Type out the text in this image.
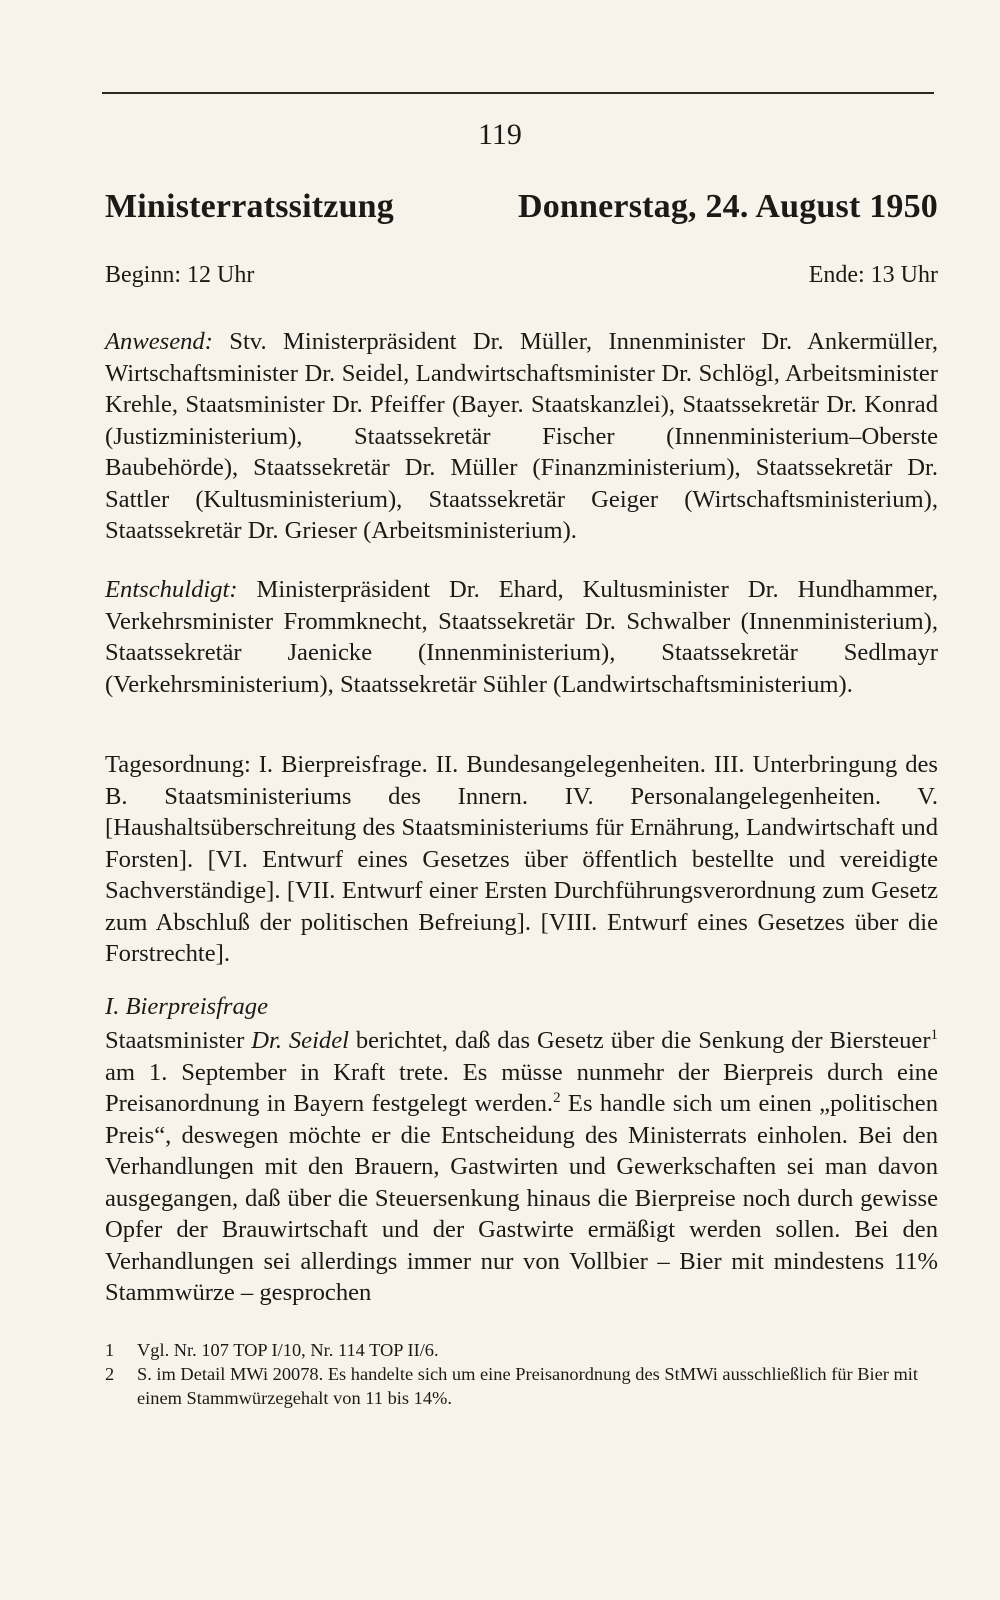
119
Ministerratssitzung	Donnerstag, 24. August 1950
Beginn: 12 Uhr	Ende: 13 Uhr
Anwesend: Stv. Ministerpräsident Dr. Müller, Innenminister Dr. Ankermüller, Wirtschaftsminister Dr. Seidel, Landwirtschaftsminister Dr. Schlögl, Arbeitsminister Krehle, Staatsminister Dr. Pfeiffer (Bayer. Staatskanzlei), Staatssekretär Dr. Konrad (Justizministerium), Staatssekretär Fischer (Innenministerium–Oberste Baubehörde), Staatssekretär Dr. Müller (Finanzministerium), Staatssekretär Dr. Sattler (Kultusministerium), Staatssekretär Geiger (Wirtschaftsministerium), Staatssekretär Dr. Grieser (Arbeitsministerium).
Entschuldigt: Ministerpräsident Dr. Ehard, Kultusminister Dr. Hundhammer, Verkehrsminister Frommknecht, Staatssekretär Dr. Schwalber (Innenministerium), Staatssekretär Jaenicke (Innenministerium), Staatssekretär Sedlmayr (Verkehrsministerium), Staatssekretär Sühler (Landwirtschaftsministerium).
Tagesordnung: I. Bierpreisfrage. II. Bundesangelegenheiten. III. Unterbringung des B. Staatsministeriums des Innern. IV. Personalangelegenheiten. V. [Haushaltsüberschreitung des Staatsministeriums für Ernährung, Landwirtschaft und Forsten]. [VI. Entwurf eines Gesetzes über öffentlich bestellte und vereidigte Sachverständige]. [VII. Entwurf einer Ersten Durchführungsverordnung zum Gesetz zum Abschluß der politischen Befreiung]. [VIII. Entwurf eines Gesetzes über die Forstrechte].
I. Bierpreisfrage
Staatsminister Dr. Seidel berichtet, daß das Gesetz über die Senkung der Biersteuer$^1$ am 1. September in Kraft trete. Es müsse nunmehr der Bierpreis durch eine Preisanordnung in Bayern festgelegt werden.$^2$ Es handle sich um einen „politischen Preis“, deswegen möchte er die Entscheidung des Ministerrats einholen. Bei den Verhandlungen mit den Brauern, Gastwirten und Gewerkschaften sei man davon ausgegangen, daß über die Steuersenkung hinaus die Bierpreise noch durch gewisse Opfer der Brauwirtschaft und der Gastwirte ermäßigt werden sollen. Bei den Verhandlungen sei allerdings immer nur von Vollbier – Bier mit mindestens 11% Stammwürze – gesprochen
1	Vgl. Nr. 107 TOP I/10, Nr. 114 TOP II/6.
2	S. im Detail MWi 20078. Es handelte sich um eine Preisanordnung des StMWi ausschließlich für Bier mit einem Stammwürzegehalt von 11 bis 14%.
